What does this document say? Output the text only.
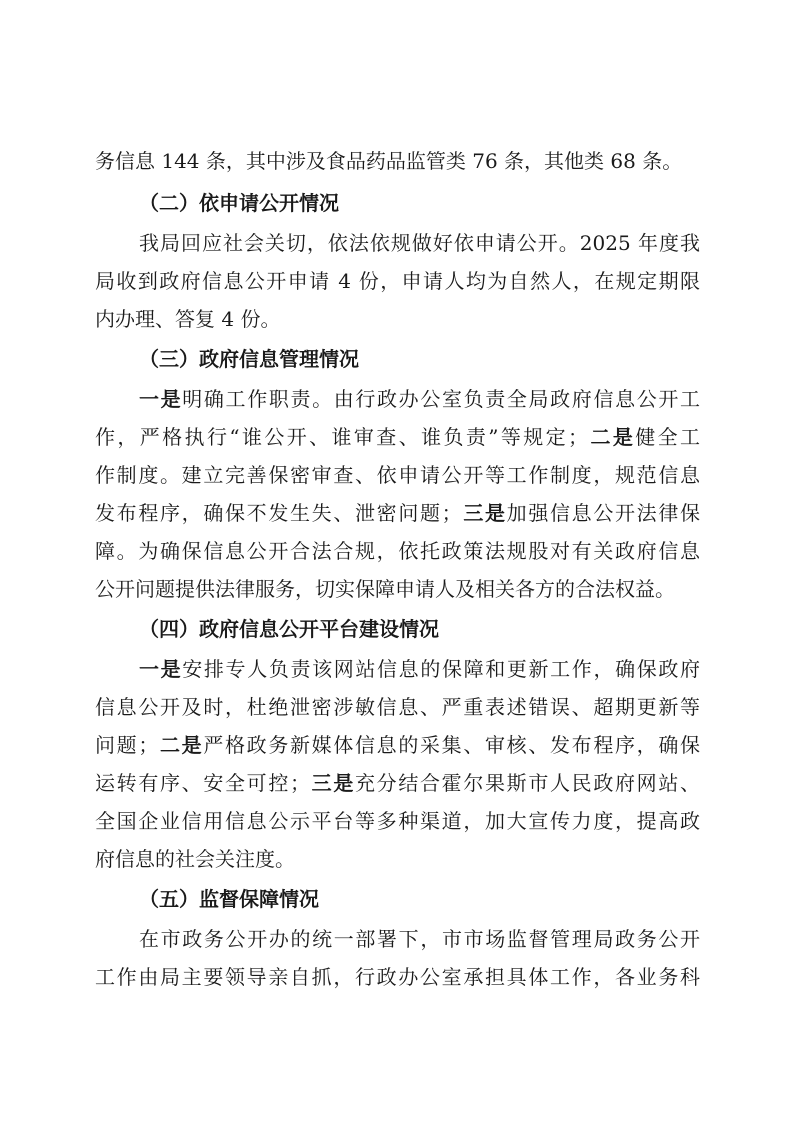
务信息 144 条，其中涉及食品药品监管类 76 条，其他类 68 条。
（二）依申请公开情况
我局回应社会关切，依法依规做好依申请公开。2025 年度我
局收到政府信息公开申请 4 份，申请人均为自然人，在规定期限
内办理、答复 4 份。
（三）政府信息管理情况
一是明确工作职责。由行政办公室负责全局政府信息公开工
作，严格执行“谁公开、谁审查、谁负责”等规定；二是健全工
作制度。建立完善保密审查、依申请公开等工作制度，规范信息
发布程序，确保不发生失、泄密问题；三是加强信息公开法律保
障。为确保信息公开合法合规，依托政策法规股对有关政府信息
公开问题提供法律服务，切实保障申请人及相关各方的合法权益。
（四）政府信息公开平台建设情况
一是安排专人负责该网站信息的保障和更新工作，确保政府
信息公开及时，杜绝泄密涉敏信息、严重表述错误、超期更新等
问题；二是严格政务新媒体信息的采集、审核、发布程序，确保
运转有序、安全可控；三是充分结合霍尔果斯市人民政府网站、
全国企业信用信息公示平台等多种渠道，加大宣传力度，提高政
府信息的社会关注度。
（五）监督保障情况
在市政务公开办的统一部署下，市市场监督管理局政务公开
工作由局主要领导亲自抓，行政办公室承担具体工作，各业务科
